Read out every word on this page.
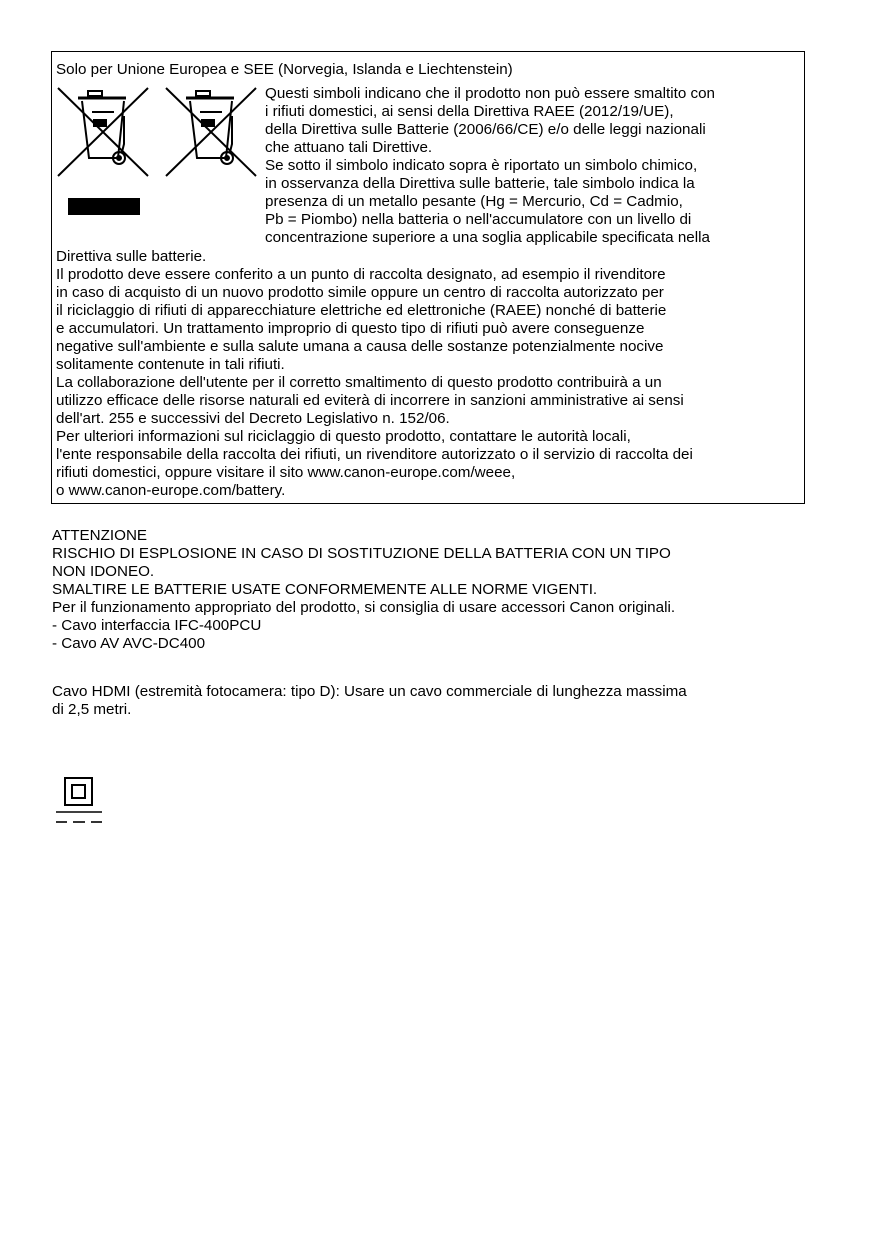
Solo per Unione Europea e SEE (Norvegia, Islanda e Liechtenstein)
Questi simboli indicano che il prodotto non può essere smaltito con
i rifiuti domestici, ai sensi della Direttiva RAEE (2012/19/UE),
della Direttiva sulle Batterie (2006/66/CE) e/o delle leggi nazionali
che attuano tali Direttive.
Se sotto il simbolo indicato sopra è riportato un simbolo chimico,
in osservanza della Direttiva sulle batterie, tale simbolo indica la
presenza di un metallo pesante (Hg = Mercurio, Cd = Cadmio,
Pb = Piombo) nella batteria o nell'accumulatore con un livello di
concentrazione superiore a una soglia applicabile specificata nella
Direttiva sulle batterie.
Il prodotto deve essere conferito a un punto di raccolta designato, ad esempio il rivenditore
in caso di acquisto di un nuovo prodotto simile oppure un centro di raccolta autorizzato per
il riciclaggio di rifiuti di apparecchiature elettriche ed elettroniche (RAEE) nonché di batterie
e accumulatori. Un trattamento improprio di questo tipo di rifiuti può avere conseguenze
negative sull'ambiente e sulla salute umana a causa delle sostanze potenzialmente nocive
solitamente contenute in tali rifiuti.
La collaborazione dell'utente per il corretto smaltimento di questo prodotto contribuirà a un
utilizzo efficace delle risorse naturali ed eviterà di incorrere in sanzioni amministrative ai sensi
dell'art. 255 e successivi del Decreto Legislativo n. 152/06.
Per ulteriori informazioni sul riciclaggio di questo prodotto, contattare le autorità locali,
l'ente responsabile della raccolta dei rifiuti, un rivenditore autorizzato o il servizio di raccolta dei
rifiuti domestici, oppure visitare il sito www.canon-europe.com/weee,
o www.canon-europe.com/battery.
ATTENZIONE
RISCHIO DI ESPLOSIONE IN CASO DI SOSTITUZIONE DELLA BATTERIA CON UN TIPO
NON IDONEO.
SMALTIRE LE BATTERIE USATE CONFORMEMENTE ALLE NORME VIGENTI.
Per il funzionamento appropriato del prodotto, si consiglia di usare accessori Canon originali.
- Cavo interfaccia IFC-400PCU
- Cavo AV AVC-DC400
Cavo HDMI (estremità fotocamera: tipo D): Usare un cavo commerciale di lunghezza massima
di 2,5 metri.
